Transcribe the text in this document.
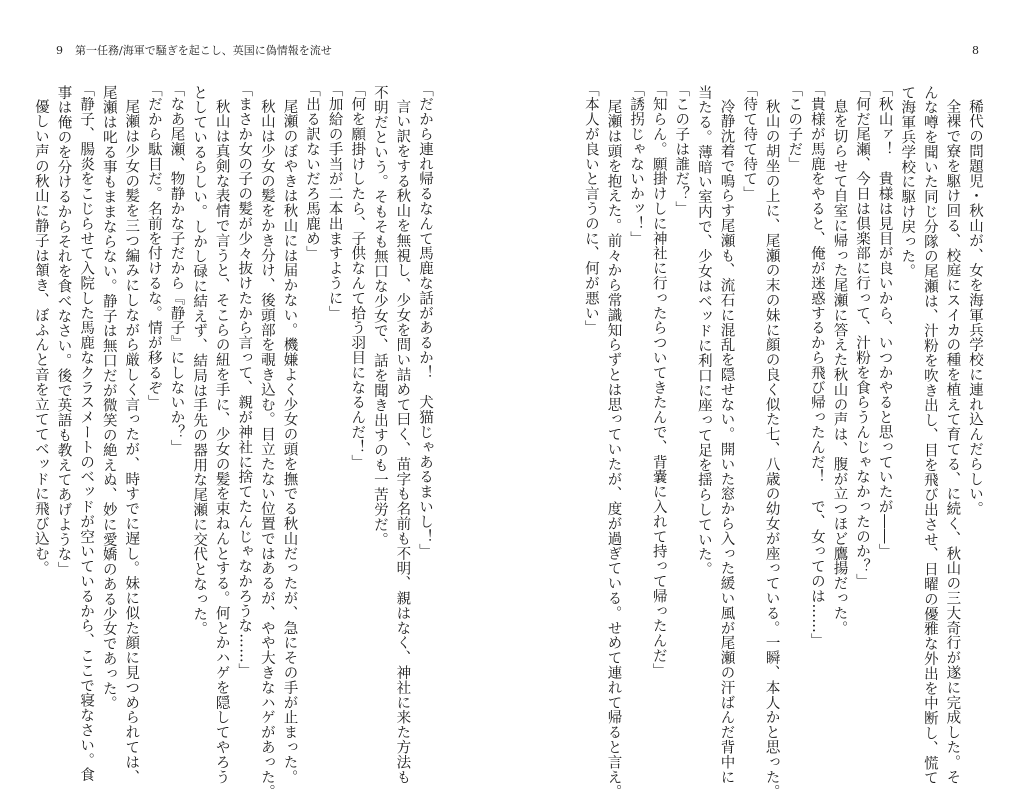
9 第一任務/海軍で騒ぎを起こし、英国に偽情報を流せ	8
稀代の問題児・秋山が、女を海軍兵学校に連れ込んだらしい。
全裸で寮を駆け回る、校庭にスイカの種を植えて育てる、に続く、秋山の三大奇行が遂に完成した。そ
んな噂を聞いた同じ分隊の尾瀬は、汁粉を吹き出し、目を飛び出させ、日曜の優雅な外出を中断し、慌て
て海軍兵学校に駆け戻った。
「秋山ァ！　貴様は見目が良いから、いつかやると思っていたが――」
「何だ尾瀬、今日は倶楽部に行って、汁粉を食らうんじゃなかったのか？」
息を切らせて自室に帰った尾瀬に答えた秋山の声は、腹が立つほど鷹揚だった。
「貴様が馬鹿をやると、俺が迷惑するから飛び帰ったんだ！　で、女ってのは……」
「この子だ」
秋山の胡坐の上に、尾瀬の末の妹に顔の良く似た七、八歳の幼女が座っている。一瞬、本人かと思った。
「待て待て待て」
冷静沈着で鳴らす尾瀬も、流石に混乱を隠せない。開いた窓から入った緩い風が尾瀬の汗ばんだ背中に
当たる。薄暗い室内で、少女はベッドに利口に座って足を揺らしていた。
「この子は誰だ？」
「知らん。願掛けしに神社に行ったらついてきたんで、背嚢に入れて持って帰ったんだ」
「誘拐じゃないかッ！」
尾瀬は頭を抱えた。前々から常識知らずとは思っていたが、度が過ぎている。せめて連れて帰ると言え。
「本人が良いと言うのに、何が悪い」
「だから連れ帰るなんて馬鹿な話があるか！　犬猫じゃあるまいし！」
言い訳をする秋山を無視し、少女を問い詰めて曰く、苗字も名前も不明、親はなく、神社に来た方法も
不明だという。そもそも無口な少女で、話を聞き出すのも一苦労だ。
「何を願掛けしたら、子供なんて拾う羽目になるんだ！」
「加給の手当が二本出ますように」
「出る訳ないだろ馬鹿め」
尾瀬のぼやきは秋山には届かない。機嫌よく少女の頭を撫でる秋山だったが、急にその手が止まった。
秋山は少女の髪をかき分け、後頭部を覗き込む。目立たない位置ではあるが、やや大きなハゲがあった。
「まさか女の子の髪が少々抜けたから言って、親が神社に捨てたんじゃなかろうな……」
秋山は真剣な表情で言うと、そこらの紐を手に、少女の髪を束ねんとする。何とかハゲを隠してやろう
としているらしい。しかし碌に結えず、結局は手先の器用な尾瀬に交代となった。
「なあ尾瀬、物静かな子だから『静子』にしないか？」
「だから駄目だ。名前を付けるな。情が移るぞ」
尾瀬は少女の髪を三つ編みにしながら厳しく言ったが、時すでに遅し。妹に似た顔に見つめられては、
尾瀬は叱る事もままならない。静子は無口だが微笑の絶えぬ、妙に愛嬌のある少女であった。
「静子、腸炎をこじらせて入院した馬鹿なクラスメートのベッドが空いているから、ここで寝なさい。食
事は俺のを分けるからそれを食べなさい。後で英語も教えてあげような」
優しい声の秋山に静子は頷き、ぼふんと音を立ててベッドに飛び込む。
